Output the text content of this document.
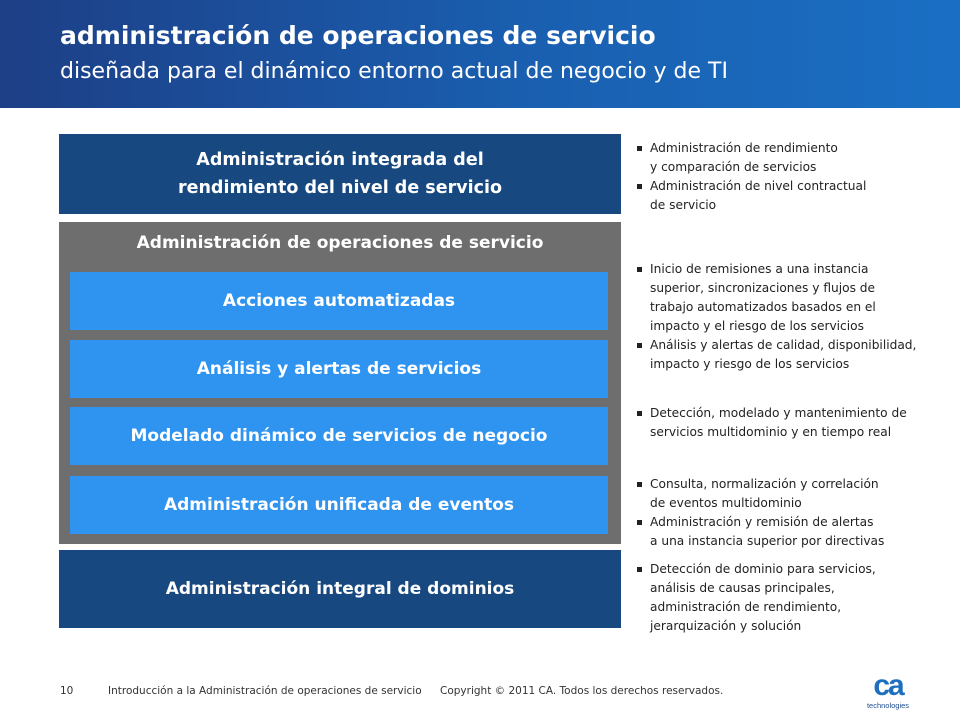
administración de operaciones de servicio
diseñada para el dinámico entorno actual de negocio y de TI
Administración integrada del
rendimiento del nivel de servicio
Administración de operaciones de servicio
Acciones automatizadas
Análisis y alertas de servicios
Modelado dinámico de servicios de negocio
Administración unificada de eventos
Administración integral de dominios
Administración de rendimiento
y comparación de servicios
Administración de nivel contractual
de servicio
Inicio de remisiones a una instancia
superior, sincronizaciones y flujos de
trabajo automatizados basados en el
impacto y el riesgo de los servicios
Análisis y alertas de calidad, disponibilidad,
impacto y riesgo de los servicios
Detección, modelado y mantenimiento de
servicios multidominio y en tiempo real
Consulta, normalización y correlación
de eventos multidominio
Administración y remisión de alertas
a una instancia superior por directivas
Detección de dominio para servicios,
análisis de causas principales,
administración de rendimiento,
jerarquización y solución
10	Introducción a la Administración de operaciones de servicio Copyright © 2011 CA. Todos los derechos reservados.	ca
technologies
